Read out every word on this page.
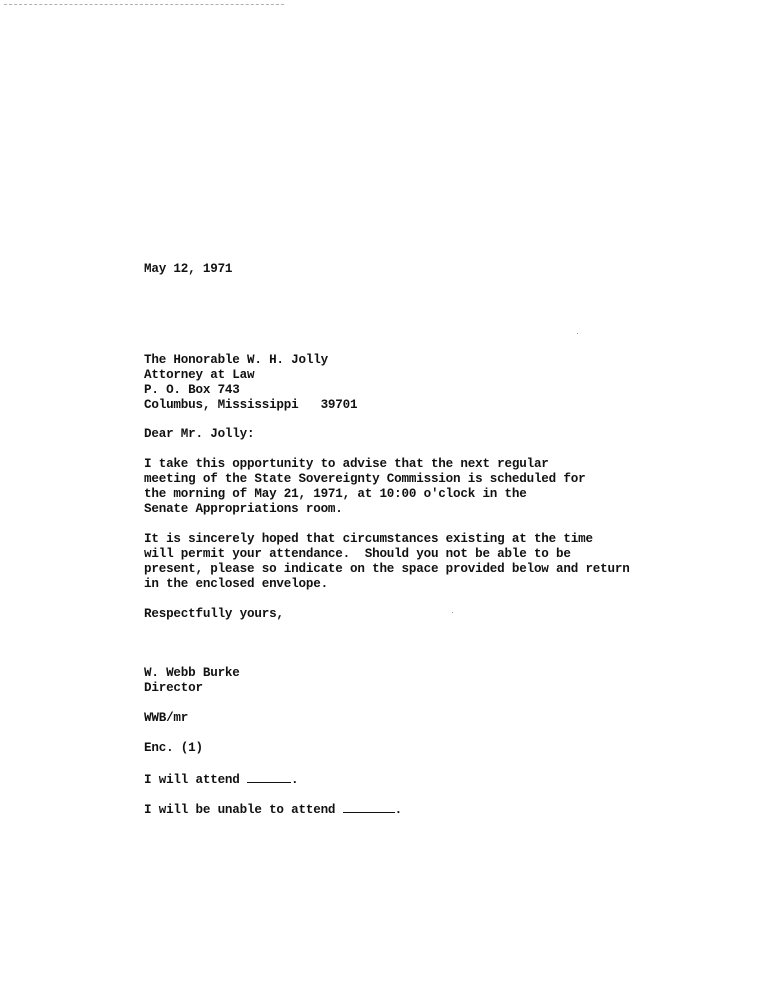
May 12, 1971
The Honorable W. H. Jolly
Attorney at Law
P. O. Box 743
Columbus, Mississippi   39701
Dear Mr. Jolly:
I take this opportunity to advise that the next regular
meeting of the State Sovereignty Commission is scheduled for
the morning of May 21, 1971, at 10:00 o'clock in the
Senate Appropriations room.
It is sincerely hoped that circumstances existing at the time
will permit your attendance.  Should you not be able to be
present, please so indicate on the space provided below and return
in the enclosed envelope.
Respectfully yours,
W. Webb Burke
Director
WWB/mr
Enc. (1)
I will attend	.
I will be unable to attend	.
